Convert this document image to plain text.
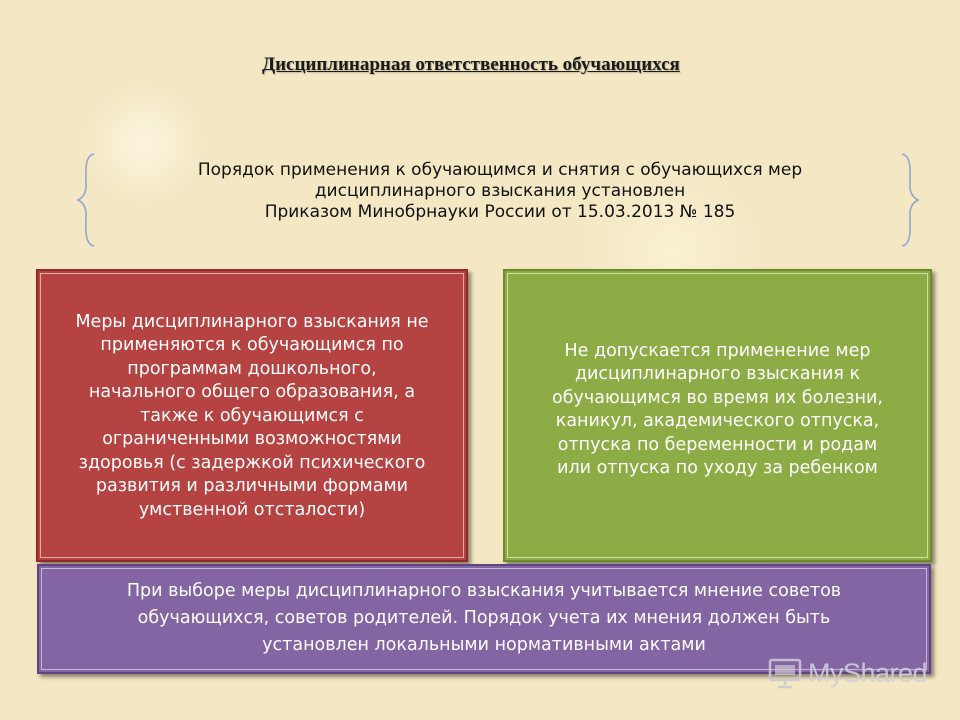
Дисциплинарная ответственность обучающихся
Порядок применения к обучающимся и снятия с обучающихся мер
дисциплинарного взыскания установлен
Приказом Минобрнауки России от 15.03.2013 № 185
Меры дисциплинарного взыскания не
применяются к обучающимся по
программам дошкольного,
начального общего образования, а
также к обучающимся с
ограниченными возможностями
здоровья (с задержкой психического
развития и различными формами
умственной отсталости)
Не допускается применение мер
дисциплинарного взыскания к
обучающимся во время их болезни,
каникул, академического отпуска,
отпуска по беременности и родам
или отпуска по уходу за ребенком
При выборе меры дисциплинарного взыскания учитывается мнение советов
обучающихся, советов родителей. Порядок учета их мнения должен быть
установлен локальными нормативными актами
MyShared
